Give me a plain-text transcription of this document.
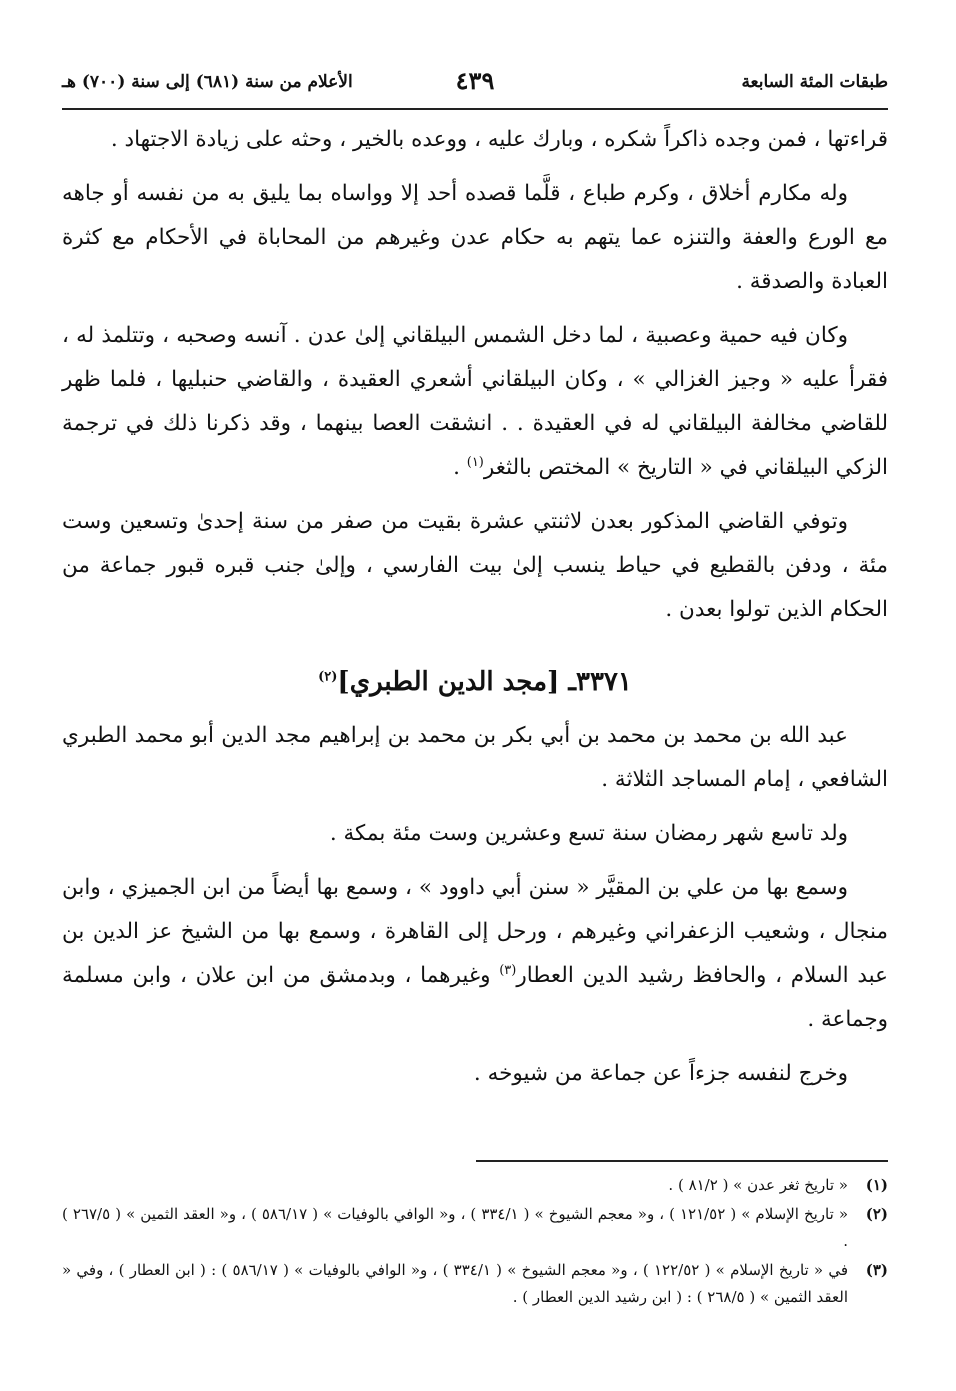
طبقات المئة السابعة
٤٣٩
الأعلام من سنة (٦٨١) إلى سنة (٧٠٠) هـ

قراءتها ، فمن وجده ذاكراً شكره ، وبارك عليه ، ووعده بالخير ، وحثه على زيادة الاجتهاد .

وله مكارم أخلاق ، وكرم طباع ، قلَّما قصده أحد إلا وواساه بما يليق به من نفسه أو جاهه مع الورع والعفة والتنزه عما يتهم به حكام عدن وغيرهم من المحاباة في الأحكام مع كثرة العبادة والصدقة .

وكان فيه حمية وعصبية ، لما دخل الشمس البيلقاني إلىٰ عدن . آنسه وصحبه ، وتتلمذ له ، فقرأ عليه « وجيز الغزالي » ، وكان البيلقاني أشعري العقيدة ، والقاضي حنبليها ، فلما ظهر للقاضي مخالفة البيلقاني له في العقيدة . . انشقت العصا بينهما ، وقد ذكرنا ذلك في ترجمة الزكي البيلقاني في « التاريخ » المختص بالثغر$^{(١)}$ .

وتوفي القاضي المذكور بعدن لاثنتي عشرة بقيت من صفر من سنة إحدىٰ وتسعين وست مئة ، ودفن بالقطيع في حياط ينسب إلىٰ بيت الفارسي ، وإلىٰ جنب قبره قبور جماعة من الحكام الذين تولوا بعدن .

٣٣٧١ـ [مجد الدين الطبري]$^{(٢)}$

عبد الله بن محمد بن محمد بن أبي بكر بن محمد بن إبراهيم مجد الدين أبو محمد الطبري الشافعي ، إمام المساجد الثلاثة .

ولد تاسع شهر رمضان سنة تسع وعشرين وست مئة بمكة .

وسمع بها من علي بن المقيَّر « سنن أبي داوود » ، وسمع بها أيضاً من ابن الجميزي ، وابن منجال ، وشعيب الزعفراني وغيرهم ، ورحل إلى القاهرة ، وسمع بها من الشيخ عز الدين بن عبد السلام ، والحافظ رشيد الدين العطار$^{(٣)}$ وغيرهما ، وبدمشق من ابن علان ، وابن مسلمة وجماعة .

وخرج لنفسه جزءاً عن جماعة من شيوخه .

(١)
« تاريخ ثغر عدن » ( ٨١/٢ ) .
(٢)
« تاريخ الإسلام » ( ١٢١/٥٢ ) ، و« معجم الشيوخ » ( ٣٣٤/١ ) ، و« الوافي بالوفيات » ( ٥٨٦/١٧ ) ، و« العقد الثمين » ( ٢٦٧/٥ ) .
(٣)
في « تاريخ الإسلام » ( ١٢٢/٥٢ ) ، و« معجم الشيوخ » ( ٣٣٤/١ ) ، و« الوافي بالوفيات » ( ٥٨٦/١٧ ) : ( ابن العطار ) ، وفي « العقد الثمين » ( ٢٦٨/٥ ) : ( ابن رشيد الدين العطار ) .
